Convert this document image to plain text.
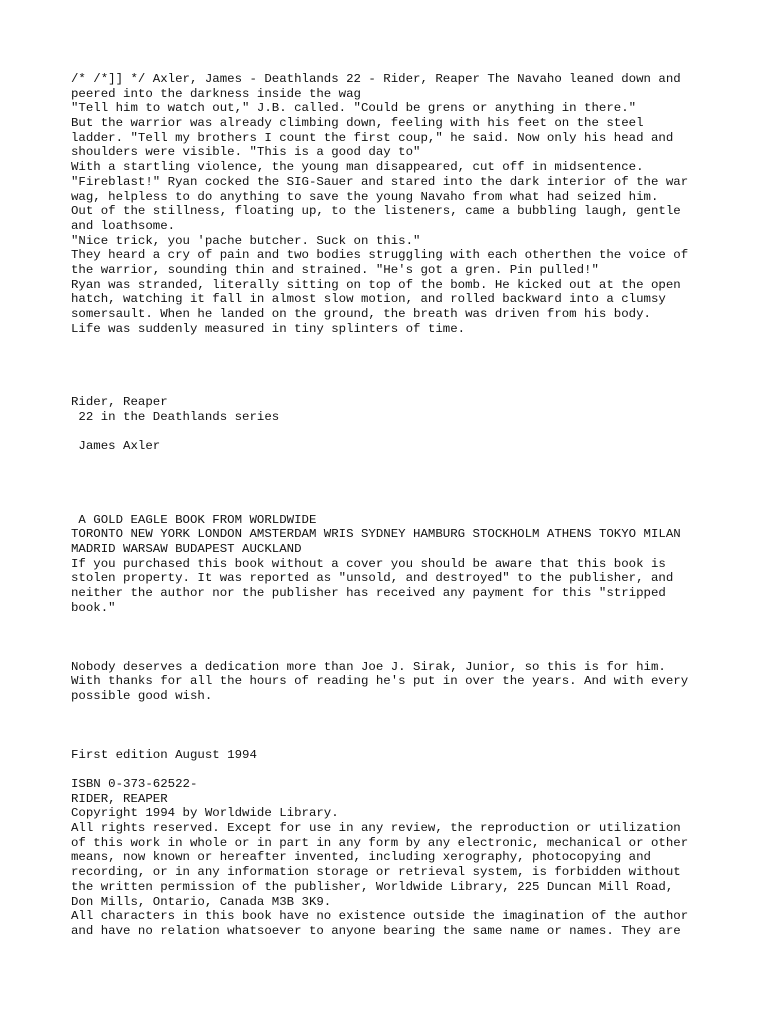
/* /*]] */ Axler, James - Deathlands 22 - Rider, Reaper The Navaho leaned down and
peered into the darkness inside the wag
"Tell him to watch out," J.B. called. "Could be grens or anything in there."
But the warrior was already climbing down, feeling with his feet on the steel
ladder. "Tell my brothers I count the first coup," he said. Now only his head and
shoulders were visible. "This is a good day to"
With a startling violence, the young man disappeared, cut off in midsentence.
"Fireblast!" Ryan cocked the SIG-Sauer and stared into the dark interior of the war
wag, helpless to do anything to save the young Navaho from what had seized him.
Out of the stillness, floating up, to the listeners, came a bubbling laugh, gentle
and loathsome.
"Nice trick, you 'pache butcher. Suck on this."
They heard a cry of pain and two bodies struggling with each otherthen the voice of
the warrior, sounding thin and strained. "He's got a gren. Pin pulled!"
Ryan was stranded, literally sitting on top of the bomb. He kicked out at the open
hatch, watching it fall in almost slow motion, and rolled backward into a clumsy
somersault. When he landed on the ground, the breath was driven from his body.
Life was suddenly measured in tiny splinters of time.
Rider, Reaper
22 in the Deathlands series
James Axler
A GOLD EAGLE BOOK FROM WORLDWIDE
TORONTO NEW YORK LONDON AMSTERDAM WRIS SYDNEY HAMBURG STOCKHOLM ATHENS TOKYO MILAN
MADRID WARSAW BUDAPEST AUCKLAND
If you purchased this book without a cover you should be aware that this book is
stolen property. It was reported as "unsold, and destroyed" to the publisher, and
neither the author nor the publisher has received any payment for this "stripped
book."
Nobody deserves a dedication more than Joe J. Sirak, Junior, so this is for him.
With thanks for all the hours of reading he's put in over the years. And with every
possible good wish.
First edition August 1994
ISBN 0-373-62522-
RIDER, REAPER
Copyright 1994 by Worldwide Library.
All rights reserved. Except for use in any review, the reproduction or utilization
of this work in whole or in part in any form by any electronic, mechanical or other
means, now known or hereafter invented, including xerography, photocopying and
recording, or in any information storage or retrieval system, is forbidden without
the written permission of the publisher, Worldwide Library, 225 Duncan Mill Road,
Don Mills, Ontario, Canada M3B 3K9.
All characters in this book have no existence outside the imagination of the author
and have no relation whatsoever to anyone bearing the same name or names. They are
